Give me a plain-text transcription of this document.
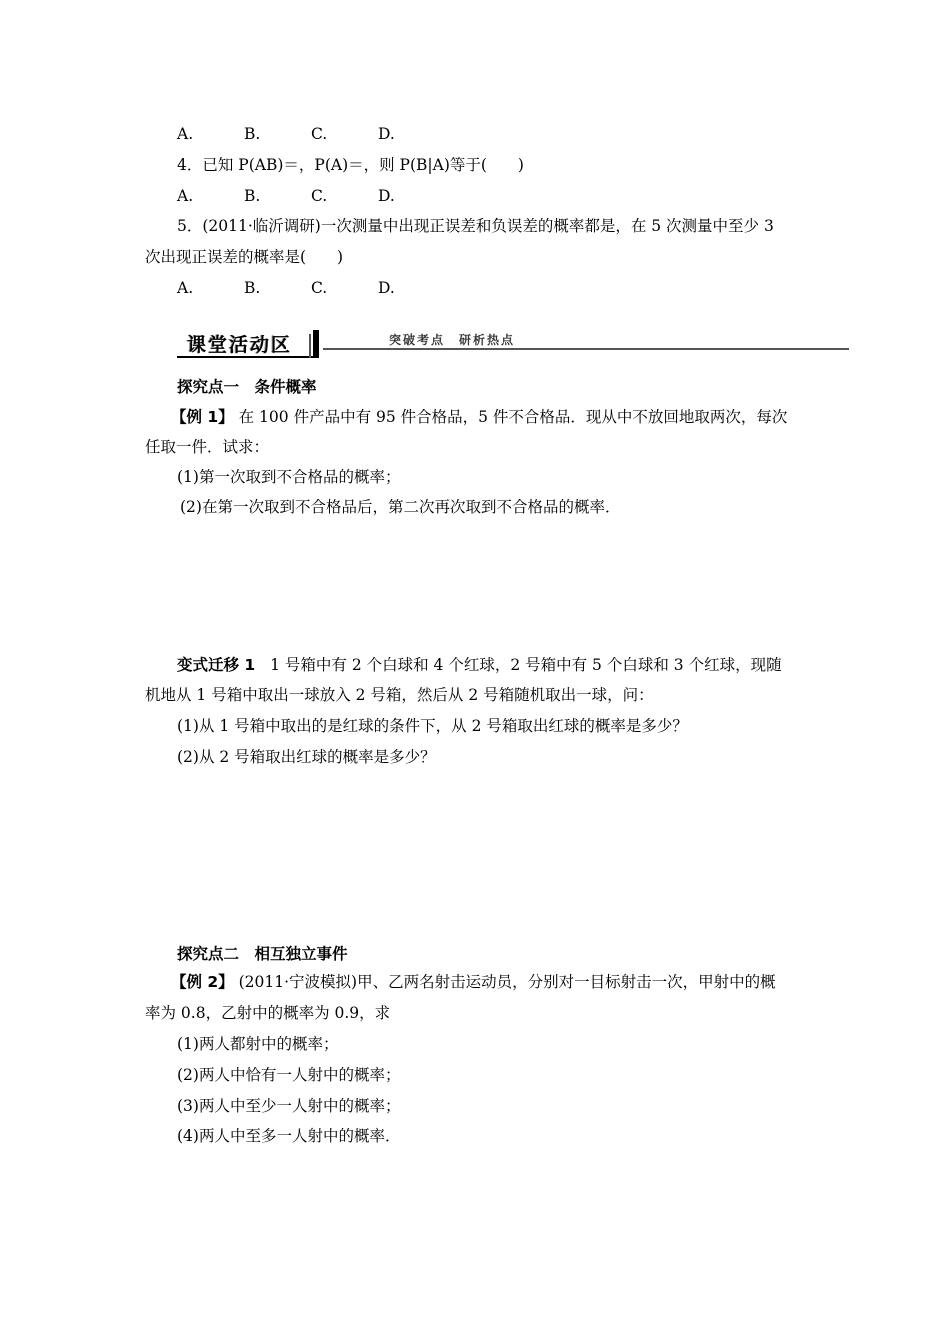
A.	B.	C.	D.
4．已知 P(AB)＝，P(A)＝，则 P(B|A)等于(　　)
A.	B.	C.	D.
5．(2011·临沂调研)一次测量中出现正误差和负误差的概率都是，在 5 次测量中至少 3
次出现正误差的概率是(　　)
A.	B.	C.	D.
课堂活动区	突破考点　研析热点
探究点一　条件概率
【例 1】 在 100 件产品中有 95 件合格品，5 件不合格品．现从中不放回地取两次，每次
任取一件．试求：
(1)第一次取到不合格品的概率；
(2)在第一次取到不合格品后，第二次再次取到不合格品的概率．
变式迁移 1 1 号箱中有 2 个白球和 4 个红球，2 号箱中有 5 个白球和 3 个红球，现随
机地从 1 号箱中取出一球放入 2 号箱，然后从 2 号箱随机取出一球，问：
(1)从 1 号箱中取出的是红球的条件下，从 2 号箱取出红球的概率是多少？
(2)从 2 号箱取出红球的概率是多少？
探究点二　相互独立事件
【例 2】 (2011·宁波模拟)甲、乙两名射击运动员，分别对一目标射击一次，甲射中的概
率为 0.8，乙射中的概率为 0.9，求
(1)两人都射中的概率；
(2)两人中恰有一人射中的概率；
(3)两人中至少一人射中的概率；
(4)两人中至多一人射中的概率．
